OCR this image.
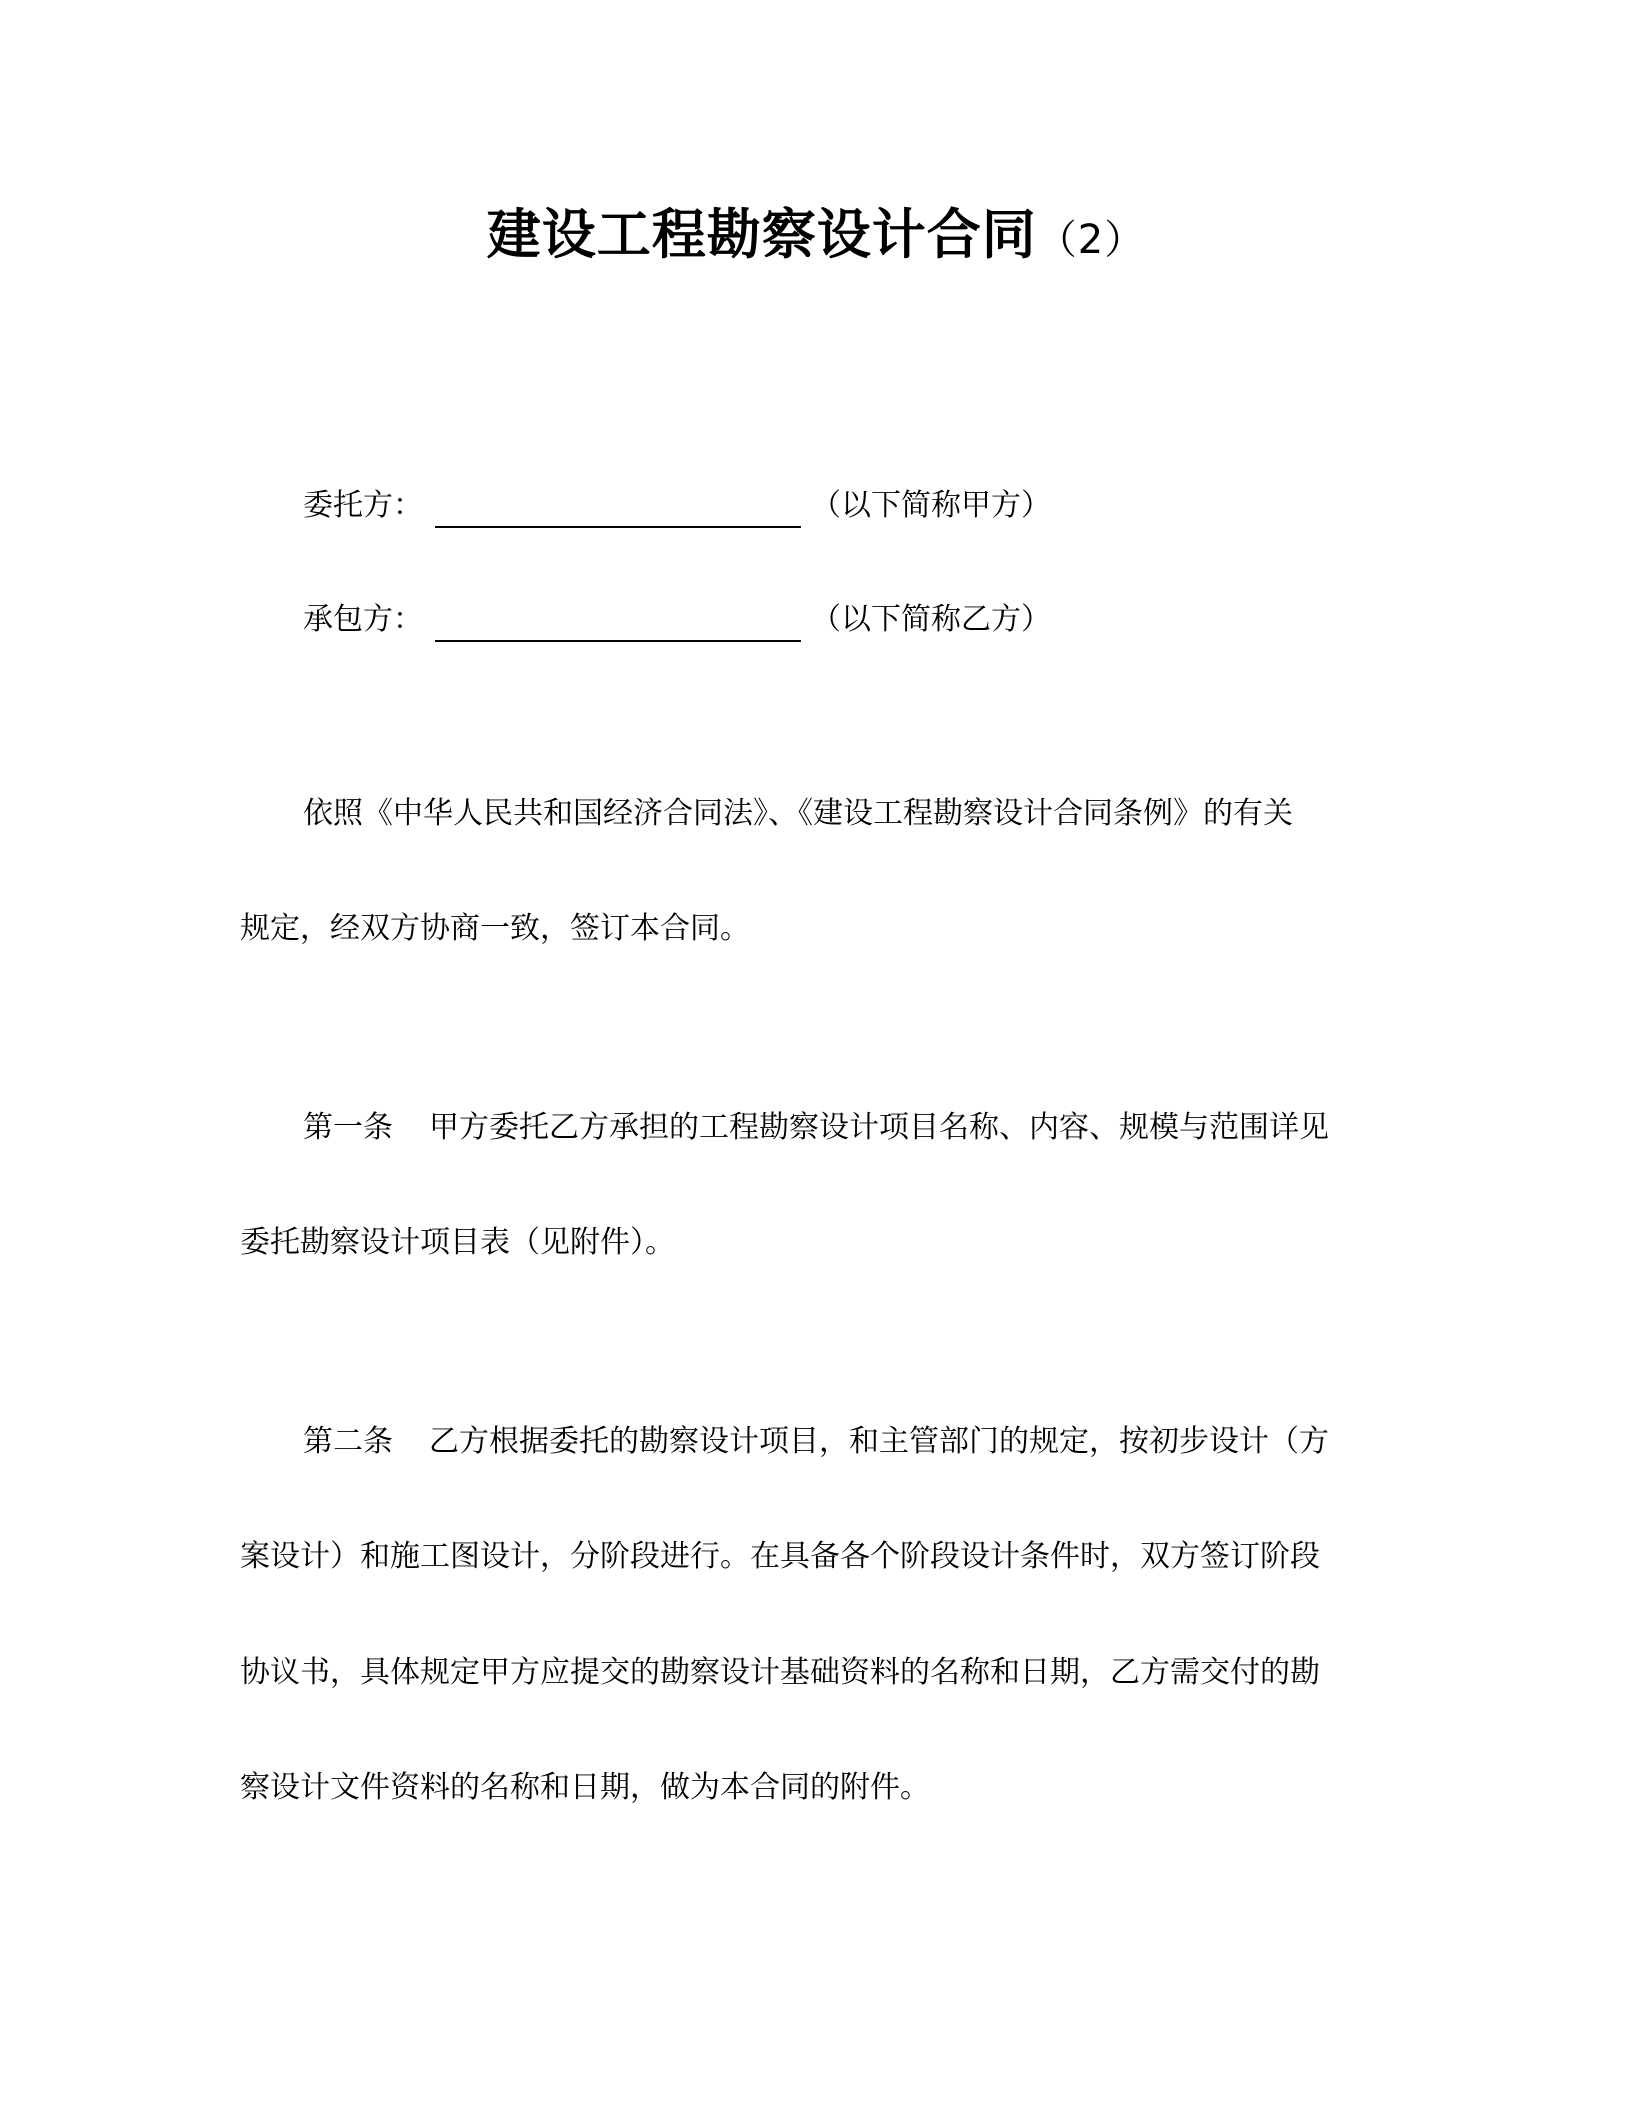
建设工程勘察设计合同（2）
委托方：	（以下简称甲方）
承包方：	（以下简称乙方）
依照《中华人民共和国经济合同法》、《建设工程勘察设计合同条例》的有关
规定，经双方协商一致，签订本合同。
第一条 甲方委托乙方承担的工程勘察设计项目名称、内容、规模与范围详见
委托勘察设计项目表（见附件）。
第二条 乙方根据委托的勘察设计项目，和主管部门的规定，按初步设计（方
案设计）和施工图设计，分阶段进行。在具备各个阶段设计条件时，双方签订阶段
协议书，具体规定甲方应提交的勘察设计基础资料的名称和日期，乙方需交付的勘
察设计文件资料的名称和日期，做为本合同的附件。
